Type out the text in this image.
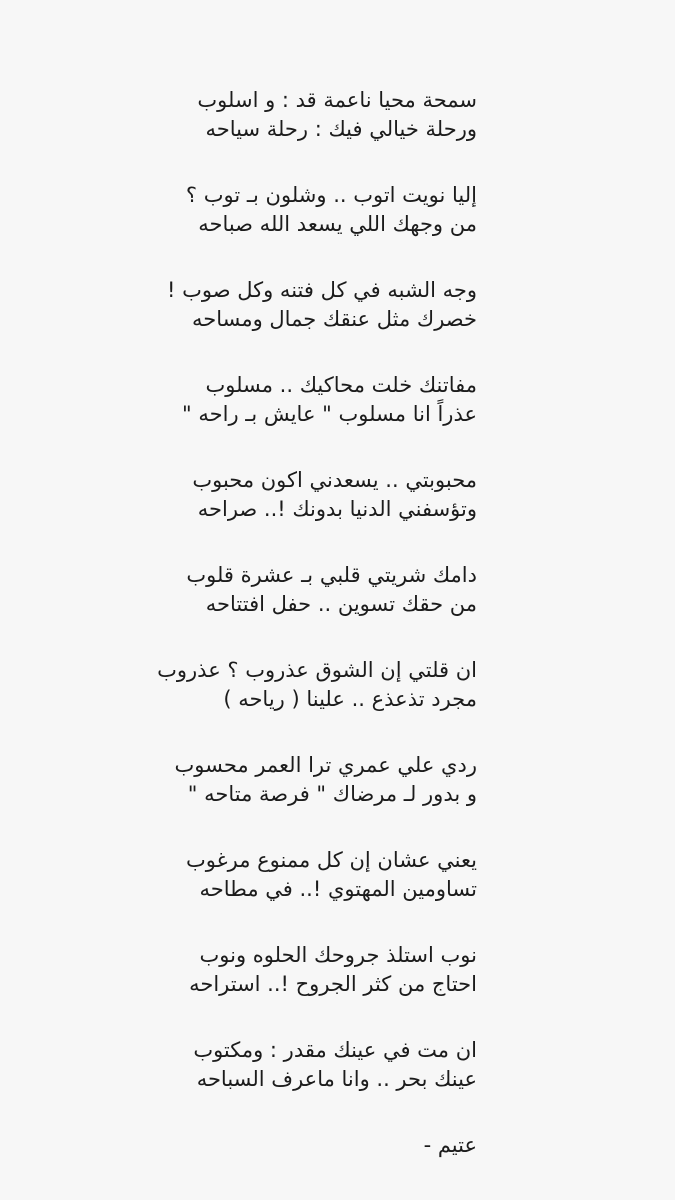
سمحة محيا ناعمة قد : و اسلوب
ورحلة خيالي فيك : رحلة سياحه
إليا نويت اتوب .. وشلون بـ توب ؟
من وجهك اللي يسعد الله صباحه
وجه الشبه في كل فتنه وكل صوب !
خصرك مثل عنقك جمال ومساحه
مفاتنك خلت محاكيك .. مسلوب
عذراً انا مسلوب " عايش بـ راحه "
محبوبتي .. يسعدني اكون محبوب
وتؤسفني الدنيا بدونك !.. صراحه
دامك شريتي قلبي بـ عشرة قلوب
من حقك تسوين .. حفل افتتاحه
ان قلتي إن الشوق عذروب ؟ عذروب
مجرد تذعذع .. علينا ( رياحه )
ردي علي عمري ترا العمر محسوب
و بدور لـ مرضاك " فرصة متاحه "
يعني عشان إن كل ممنوع مرغوب
تساومين المهتوي !.. في مطاحه
نوب استلذ جروحك الحلوه ونوب
احتاج من كثر الجروح !.. استراحه
ان مت في عينك مقدر : ومكتوب
عينك بحر .. وانا ماعرف السباحه
عتيم -
